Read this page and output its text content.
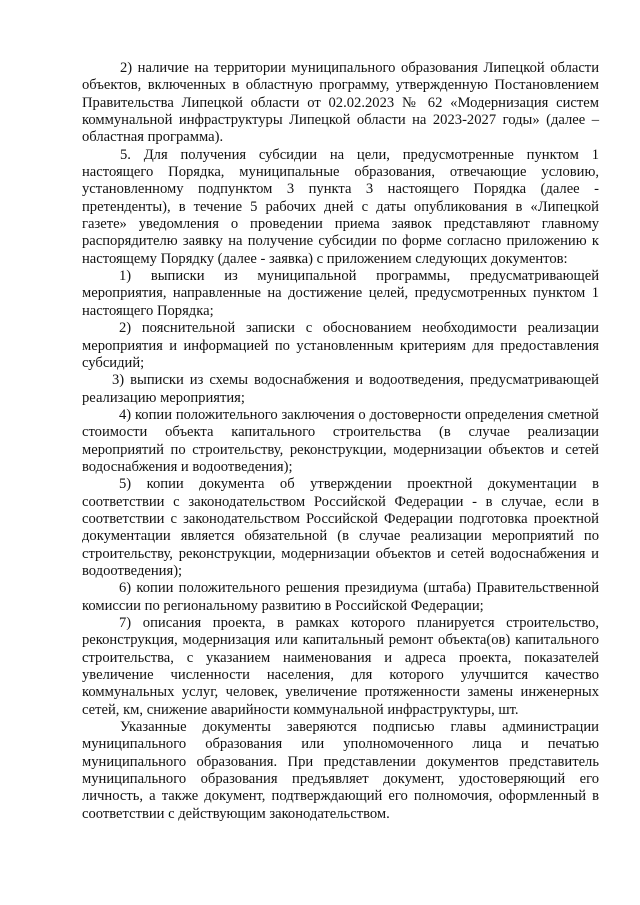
2) наличие на территории муниципального образования Липецкой области объектов, включенных в областную программу, утвержденную Постановлением Правительства Липецкой области от 02.02.2023 № 62 «Модернизация систем коммунальной инфраструктуры Липецкой области на 2023-2027 годы» (далее – областная программа).

5. Для получения субсидии на цели, предусмотренные пунктом 1 настоящего Порядка, муниципальные образования, отвечающие условию, установленному подпунктом 3 пункта 3 настоящего Порядка (далее - претенденты), в течение 5 рабочих дней с даты опубликования в «Липецкой газете» уведомления о проведении приема заявок представляют главному распорядителю заявку на получение субсидии по форме согласно приложению к настоящему Порядку (далее - заявка) с приложением следующих документов:

1) выписки из муниципальной программы, предусматривающей мероприятия, направленные на достижение целей, предусмотренных пунктом 1 настоящего Порядка;

2) пояснительной записки с обоснованием необходимости реализации мероприятия и информацией по установленным критериям для предоставления субсидий;

3) выписки из схемы водоснабжения и водоотведения, предусматривающей реализацию мероприятия;

4) копии положительного заключения о достоверности определения сметной стоимости объекта капитального строительства (в случае реализации мероприятий по строительству, реконструкции, модернизации объектов и сетей водоснабжения и водоотведения);

5) копии документа об утверждении проектной документации в соответствии с законодательством Российской Федерации - в случае, если в соответствии с законодательством Российской Федерации подготовка проектной документации является обязательной (в случае реализации мероприятий по строительству, реконструкции, модернизации объектов и сетей водоснабжения и водоотведения);

6) копии положительного решения президиума (штаба) Правительственной комиссии по региональному развитию в Российской Федерации;

7) описания проекта, в рамках которого планируется строительство, реконструкция, модернизация или капитальный ремонт объекта(ов) капитального строительства, с указанием наименования и адреса проекта, показателей увеличение численности населения, для которого улучшится качество коммунальных услуг, человек, увеличение протяженности замены инженерных сетей, км, снижение аварийности коммунальной инфраструктуры, шт.

Указанные документы заверяются подписью главы администрации муниципального образования или уполномоченного лица и печатью муниципального образования. При представлении документов представитель муниципального образования предъявляет документ, удостоверяющий его личность, а также документ, подтверждающий его полномочия, оформленный в соответствии с действующим законодательством.
